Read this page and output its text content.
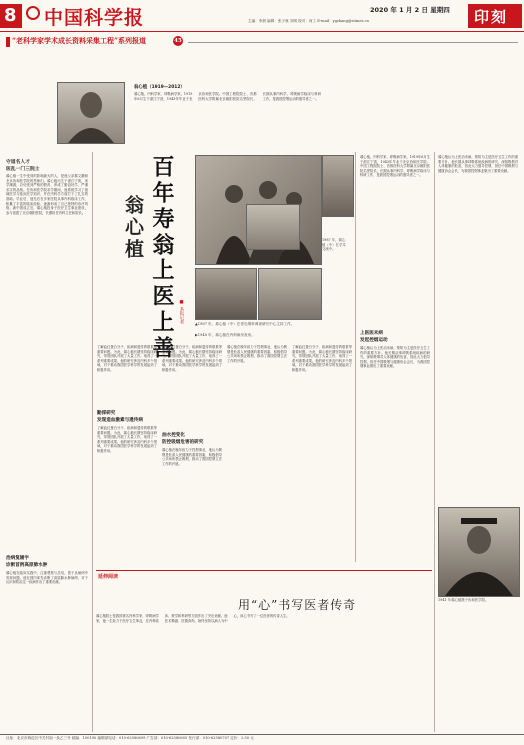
8 中国科学报	2020 年 1 月 2 日 星期四
主编：李晨 编辑：张子航 刘琪 校对：何工 E-mail：ygzhang@stimes.cn	印刻
“老科学家学术成长资料采集工程”系列报道	45
翁心植（1919—2012）
翁心植，内科学家、呼吸病学家。1919年6月生于浙江宁波，1943年毕业于北京协和医学院。中国工程院院士、首都医科大学附属北京朝阳医院名誉院长。长期从事内科学、呼吸病学临床与科研工作，是我国控烟运动的倡导者之一。
守道名人才
医乱一门三院士
翁心植一生中受到的影响最大的人，是他父亲翁文灏和北京协和医学院的恩师们。翁心植出生于浙江宁波，家学渊源，自幼受到严格的教育，养成了勤奋好学、严谨求实的品格。在协和医学院求学期间，他系统学习了基础医学与临床医学知识，并在内科学方面打下了扎实的基础。毕业后，他先后在多家医院从事内科临床工作，积累了丰富的临床经验，逐渐形成了自己独特的诊疗风格。新中国成立后，翁心植投身于医疗卫生事业建设，参与创建了北京朝阳医院，长期担任内科主任和院长。
治病复辅宇
诊断首例高原肺水肿
翁心植在临床实践中，注重观察与总结，善于从病例中发现问题。他在国内率先诊断了高原肺水肿病例，对于认识和防治这一疾病作出了重要贡献。
翁心植 百年寿翁
上医上善 ■ 本报记者
1987 年，翁心植（中）在学术交流中。
▲1987 年，翁心植（中）在青岛烟草调查研究中心主持工作。
▶1948 年，翁心植在内科病房查房。
翁心植，内科学家、呼吸病学家。1919年6月生于浙江宁波，1943年毕业于北京协和医学院。中国工程院院士、首都医科大学附属北京朝阳医院名誉院长。长期从事内科学、呼吸病学临床与科研工作，是我国控烟运动的倡导者之一。
上医医未病
发起控烟运动
翁心植认为上医治未病，预防为主是医疗卫生工作的重要方针。他长期从事呼吸系统疾病的研究，深知吸烟对人体健康的危害，因此大力倡导控烟，担任中国吸烟与健康协会会长，为我国控烟事业做出了重要贡献。
翁心植认为上医治未病，预防为主是医疗卫生工作的重要方针。他长期从事呼吸系统疾病的研究，深知吸烟对人体健康的危害，因此大力倡导控烟，担任中国吸烟与健康协会会长，为我国控烟事业做出了重要贡献。
了解血红蛋白分子、疾病和遗传的联系等重要问题。为此，翁心植长期坚持临床研究，带领团队开展了大量工作，取得了一系列重要成果。他的研究涉及内科多个领域，对于推动我国医学科学的发展起到了积极作用。
勤探研究
发现造血激素与遗传病
了解血红蛋白分子、疾病和遗传的联系等重要问题。为此，翁心植长期坚持临床研究，带领团队开展了大量工作，取得了一系列重要成果。他的研究涉及内科多个领域，对于推动我国医学科学的发展起到了积极作用。
了解血红蛋白分子、疾病和遗传的联系等重要问题。为此，翁心植长期坚持临床研究，带领团队开展了大量工作，取得了一系列重要成果。他的研究涉及内科多个领域，对于推动我国医学科学的发展起到了积极作用。
油水控变化
防控吸烟危害的研究
翁心植在晚年致力于控烟事业，他认为吸烟是危害人民健康的重要因素，积极倡导公共场所禁止吸烟，推动了我国控烟立法工作的开展。
翁心植在晚年致力于控烟事业，他认为吸烟是危害人民健康的重要因素，积极倡导公共场所禁止吸烟，推动了我国控烟立法工作的开展。
了解血红蛋白分子、疾病和遗传的联系等重要问题。为此，翁心植长期坚持临床研究，带领团队开展了大量工作，取得了一系列重要成果。他的研究涉及内科多个领域，对于推动我国医学科学的发展起到了积极作用。
1941 年翁心植摄于协和医学院。
延伸阅读
用“心”书写医者传奇
翁心植院士是我国著名内科学家、呼吸病学家，他一生致力于医疗卫生事业，在内科临床、教学和科研等方面作出了突出贡献。他医术精湛、医德高尚，始终坚持以病人为中心，用心书写了一位医者的传奇人生。
社址：北京市海淀区中关村南一条乙三号 邮编：100190 编辑部电话：010-62580699 广告部：010-62580605 发行部：010-62580707 定价：2.50 元
